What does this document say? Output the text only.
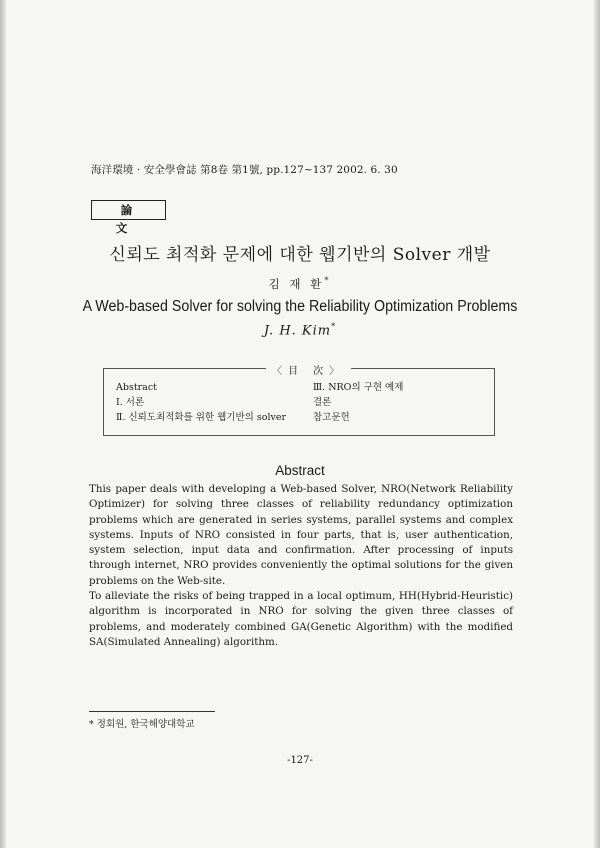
海洋環境 · 安全學會誌 第8卷 第1號, pp.127~137 2002. 6. 30
論 文
신뢰도 최적화 문제에 대한 웹기반의 Solver 개발
김 재 환*
A Web-based Solver for solving the Reliability Optimization Problems
J. H. Kim*
〈目 次〉
Abstract
Ⅰ. 서론
Ⅱ. 신뢰도최적화를 위한 웹기반의 solver
Ⅲ. NRO의 구현 예제
결론
참고문헌
Abstract

This paper deals with developing a Web-based Solver, NRO(Network Reliability Optimizer) for solving three classes of reliability redundancy optimization problems which are generated in series systems, parallel systems and complex systems. Inputs of NRO consisted in four parts, that is, user authentication, system selection, input data and confirmation. After processing of inputs through internet, NRO provides conveniently the optimal solutions for the given problems on the Web-site.

To alleviate the risks of being trapped in a local optimum, HH(Hybrid-Heuristic) algorithm is incorporated in NRO for solving the given three classes of problems, and moderately combined GA(Genetic Algorithm) with the modified SA(Simulated Annealing) algorithm.

* 정회원, 한국해양대학교
-127-
